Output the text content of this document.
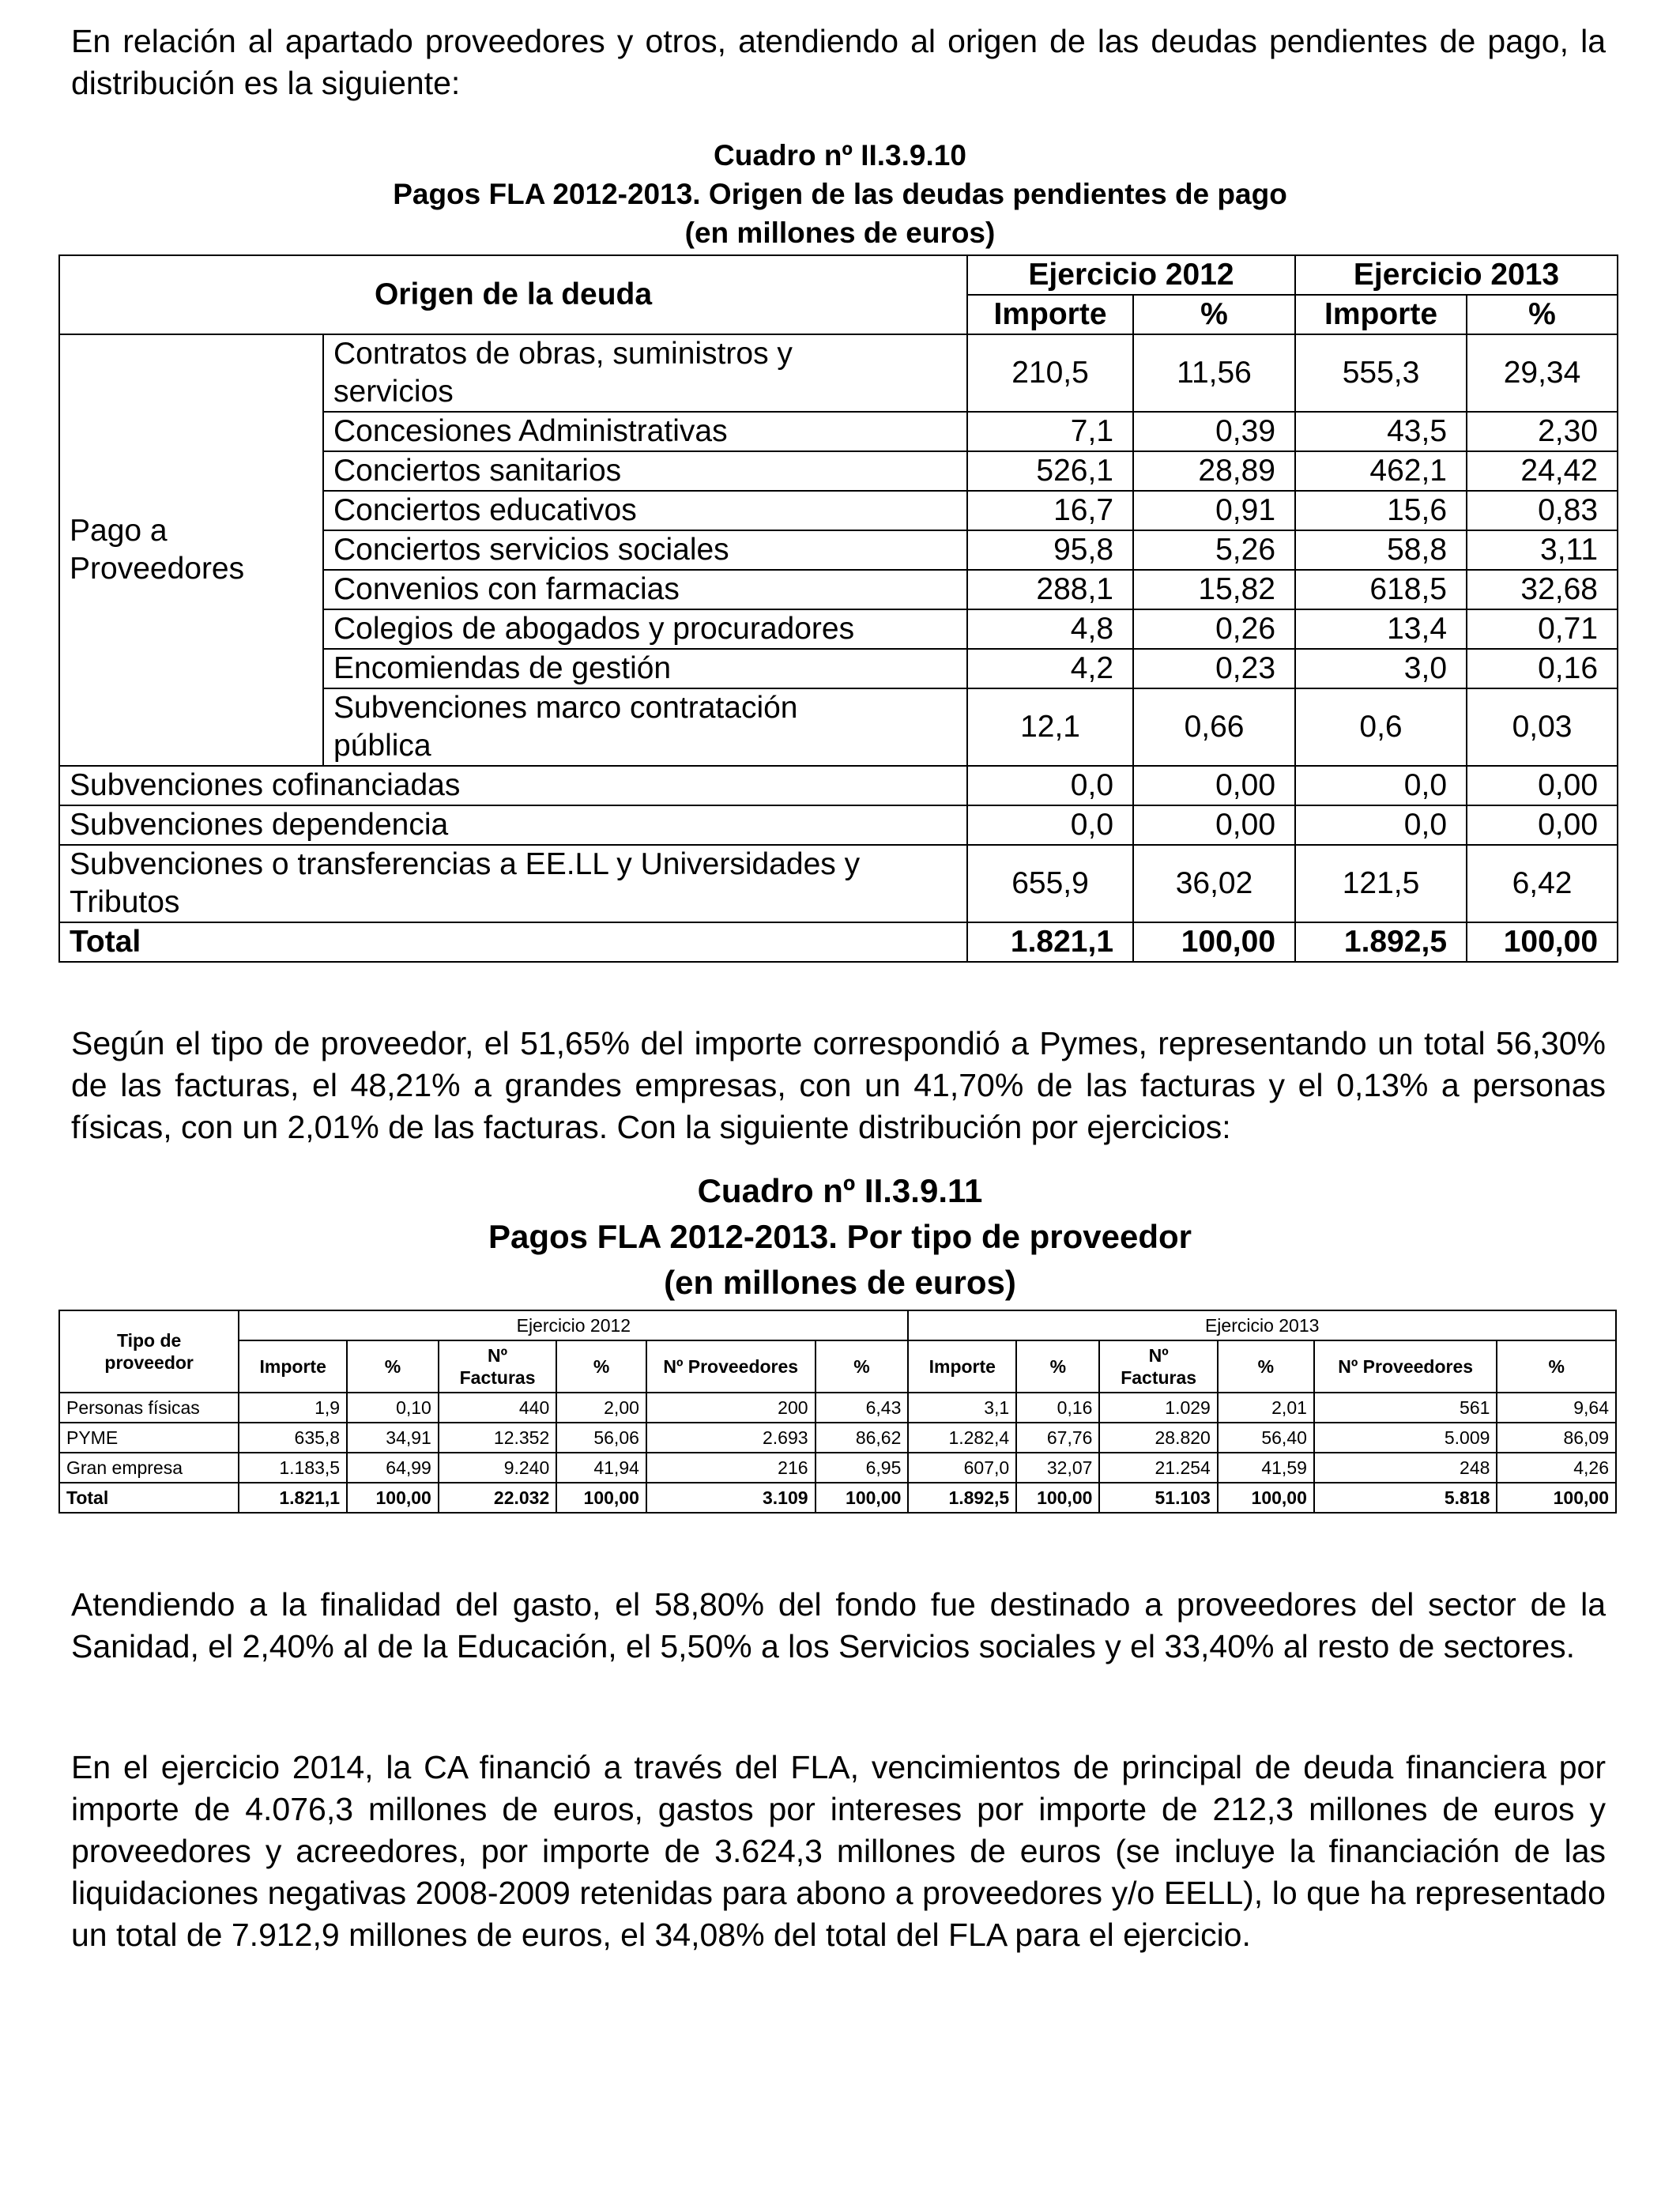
En relación al apartado proveedores y otros, atendiendo al origen de las deudas pendientes de pago, la distribución es la siguiente:

Cuadro nº II.3.9.10
Pagos FLA 2012-2013. Origen de las deudas pendientes de pago
(en millones de euros)
Origen de la deuda		Ejercicio 2012		Ejercicio 2013	
		Importe	%	Importe	%
Pago a
Proveedores	Contratos de obras, suministros y
servicios	210,5	11,56	555,3	29,34
	Concesiones Administrativas	7,1	0,39	43,5	2,30
	Conciertos sanitarios	526,1	28,89	462,1	24,42
	Conciertos educativos	16,7	0,91	15,6	0,83
	Conciertos servicios sociales	95,8	5,26	58,8	3,11
	Convenios con farmacias	288,1	15,82	618,5	32,68
	Colegios de abogados y procuradores	4,8	0,26	13,4	0,71
	Encomiendas de gestión	4,2	0,23	3,0	0,16
	Subvenciones marco contratación
pública	12,1	0,66	0,6	0,03
Subvenciones cofinanciadas		0,0	0,00	0,0	0,00
Subvenciones dependencia		0,0	0,00	0,0	0,00
Subvenciones o transferencias a EE.LL y Universidades y
Tributos		655,9	36,02	121,5	6,42
Total		1.821,1	100,00	1.892,5	100,00

Según el tipo de proveedor, el 51,65% del importe correspondió a Pymes, representando un total 56,30% de las facturas, el 48,21% a grandes empresas, con un 41,70% de las facturas y el 0,13% a personas físicas, con un 2,01% de las facturas. Con la siguiente distribución por ejercicios:

Cuadro nº II.3.9.11
Pagos FLA 2012-2013. Por tipo de proveedor
(en millones de euros)
Tipo de
proveedor	Ejercicio 2012						Ejercicio 2013					
	Importe	%	Nº
Facturas	%	Nº Proveedores	%	Importe	%	Nº
Facturas	%	Nº Proveedores	%
Personas físicas	1,9	0,10	440	2,00	200	6,43	3,1	0,16	1.029	2,01	561	9,64
PYME	635,8	34,91	12.352	56,06	2.693	86,62	1.282,4	67,76	28.820	56,40	5.009	86,09
Gran empresa	1.183,5	64,99	9.240	41,94	216	6,95	607,0	32,07	21.254	41,59	248	4,26
Total	1.821,1	100,00	22.032	100,00	3.109	100,00	1.892,5	100,00	51.103	100,00	5.818	100,00

Atendiendo a la finalidad del gasto, el 58,80% del fondo fue destinado a proveedores del sector de la Sanidad, el 2,40% al de la Educación, el 5,50% a los Servicios sociales y el 33,40% al resto de sectores.

En el ejercicio 2014, la CA financió a través del FLA, vencimientos de principal de deuda financiera por importe de 4.076,3 millones de euros, gastos por intereses por importe de 212,3 millones de euros y proveedores y acreedores, por importe de 3.624,3 millones de euros (se incluye la financiación de las liquidaciones negativas 2008-2009 retenidas para abono a proveedores y/o EELL), lo que ha representado un total de 7.912,9 millones de euros, el 34,08% del total del FLA para el ejercicio.
